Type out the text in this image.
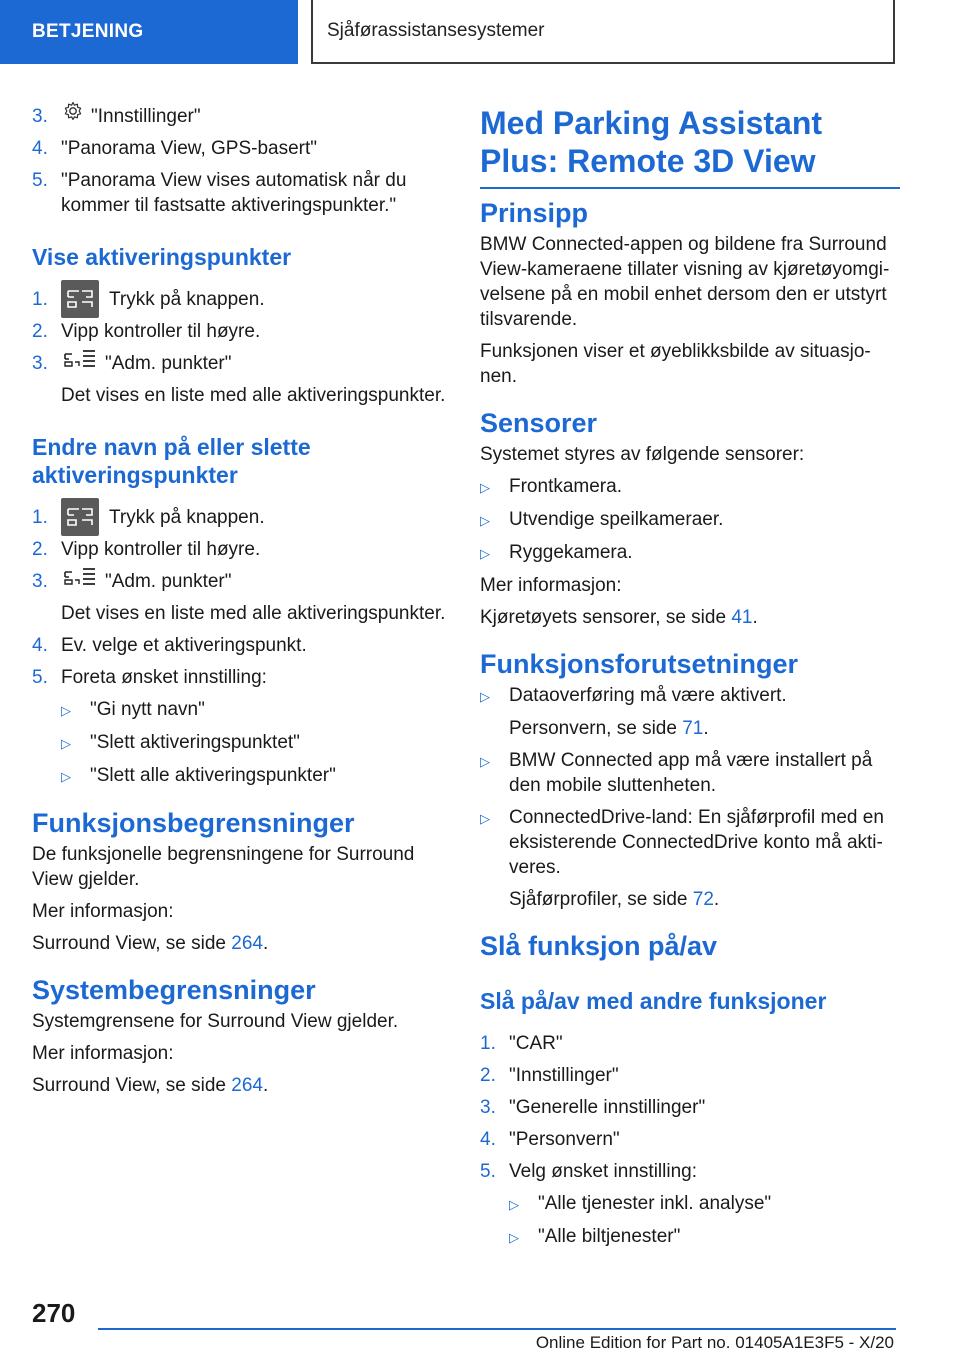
BETJENING	Sjåførassistansesystemer
3.	"Innstillinger"
4. "Panorama View, GPS-basert"
5. "Panorama View vises automatisk når du kommer til fastsatte aktiveringspunkter."
Vise aktiveringspunkter
1.	Trykk på knappen.
2. Vipp kontroller til høyre.
3.	"Adm. punkter"
Det vises en liste med alle aktiveringspunkter.
Endre navn på eller slette aktiveringspunkter
1.	Trykk på knappen.
2. Vipp kontroller til høyre.
3.	"Adm. punkter"
Det vises en liste med alle aktiveringspunkter.
4. Ev. velge et aktiveringspunkt.
5. Foreta ønsket innstilling:
▷	"Gi nytt navn"
▷	"Slett aktiveringspunktet"
▷	"Slett alle aktiveringspunkter"
Funksjonsbegrensninger
De funksjonelle begrensningene for Surround View gjelder.
Mer informasjon:
Surround View, se side 264.
Systembegrensninger
Systemgrensene for Surround View gjelder.
Mer informasjon:
Surround View, se side 264.
Med Parking Assistant Plus: Remote 3D View
Prinsipp
BMW Connected-appen og bildene fra Surround View-kameraene tillater visning av kjøretøyomgivelsene på en mobil enhet dersom den er utstyrt tilsvarende.
Funksjonen viser et øyeblikksbilde av situasjonen.
Sensorer
Systemet styres av følgende sensorer:
▷	Frontkamera.
▷	Utvendige speilkameraer.
▷	Ryggekamera.
Mer informasjon:
Kjøretøyets sensorer, se side 41.
Funksjonsforutsetninger
▷	Dataoverføring må være aktivert.
Personvern, se side 71.
▷	BMW Connected app må være installert på den mobile sluttenheten.
▷	ConnectedDrive-land: En sjåførprofil med en eksisterende ConnectedDrive konto må aktiveres.
Sjåførprofiler, se side 72.
Slå funksjon på/av
Slå på/av med andre funksjoner
1. "CAR"
2. "Innstillinger"
3. "Generelle innstillinger"
4. "Personvern"
5. Velg ønsket innstilling:
▷	"Alle tjenester inkl. analyse"
▷	"Alle biltjenester"
270
Online Edition for Part no. 01405A1E3F5 - X/20
